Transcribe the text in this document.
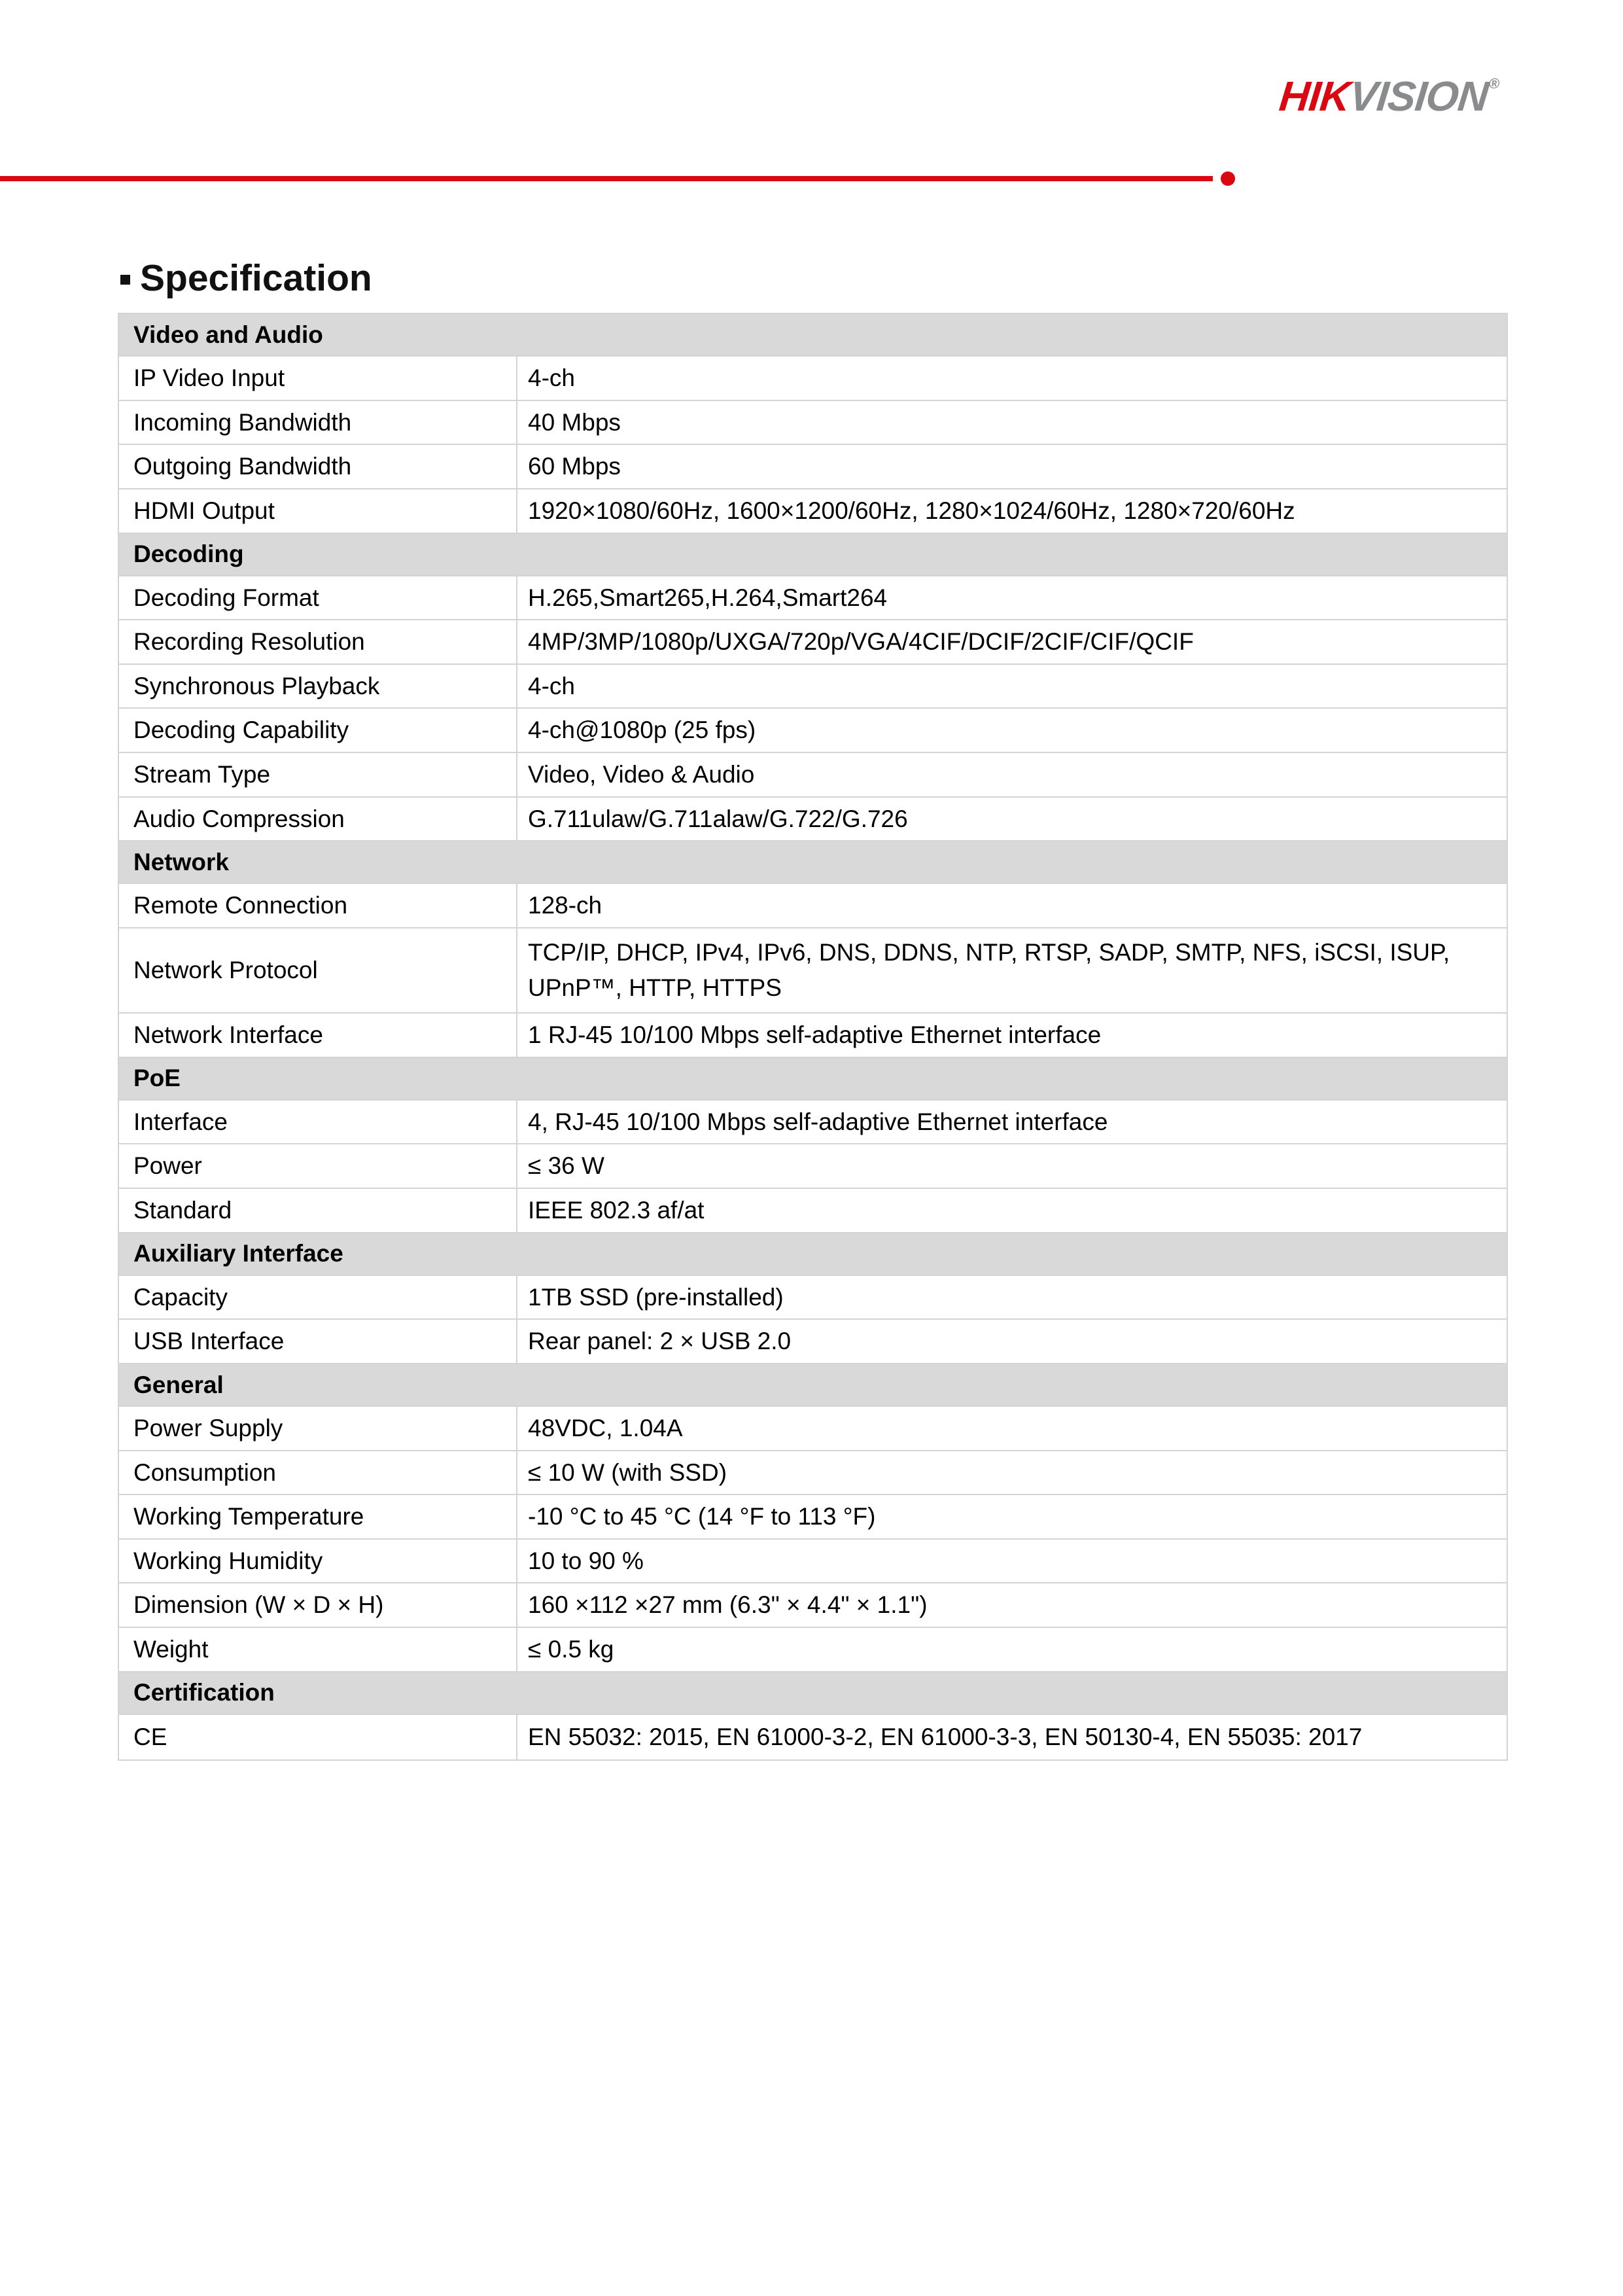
HIKVISION®
Specification
Video and Audio	
IP Video Input	4-ch
Incoming Bandwidth	40 Mbps
Outgoing Bandwidth	60 Mbps
HDMI Output	1920×1080/60Hz, 1600×1200/60Hz, 1280×1024/60Hz, 1280×720/60Hz
Decoding	
Decoding Format	H.265,Smart265,H.264,Smart264
Recording Resolution	4MP/3MP/1080p/UXGA/720p/VGA/4CIF/DCIF/2CIF/CIF/QCIF
Synchronous Playback	4-ch
Decoding Capability	4-ch@1080p (25 fps)
Stream Type	Video, Video & Audio
Audio Compression	G.711ulaw/G.711alaw/G.722/G.726
Network	
Remote Connection	128-ch
Network Protocol	TCP/IP, DHCP, IPv4, IPv6, DNS, DDNS, NTP, RTSP, SADP, SMTP, NFS, iSCSI, ISUP, UPnP™, HTTP, HTTPS
Network Interface	1 RJ-45 10/100 Mbps self-adaptive Ethernet interface
PoE	
Interface	4, RJ-45 10/100 Mbps self-adaptive Ethernet interface
Power	≤ 36 W
Standard	IEEE 802.3 af/at
Auxiliary Interface	
Capacity	1TB SSD (pre-installed)
USB Interface	Rear panel: 2 × USB 2.0
General	
Power Supply	48VDC, 1.04A
Consumption	≤ 10 W (with SSD)
Working Temperature	-10 °C to 45 °C (14 °F to 113 °F)
Working Humidity	10 to 90 %
Dimension (W × D × H)	160 ×112 ×27 mm (6.3" × 4.4" × 1.1")
Weight	≤ 0.5 kg
Certification	
CE	EN 55032: 2015, EN 61000-3-2, EN 61000-3-3, EN 50130-4, EN 55035: 2017
